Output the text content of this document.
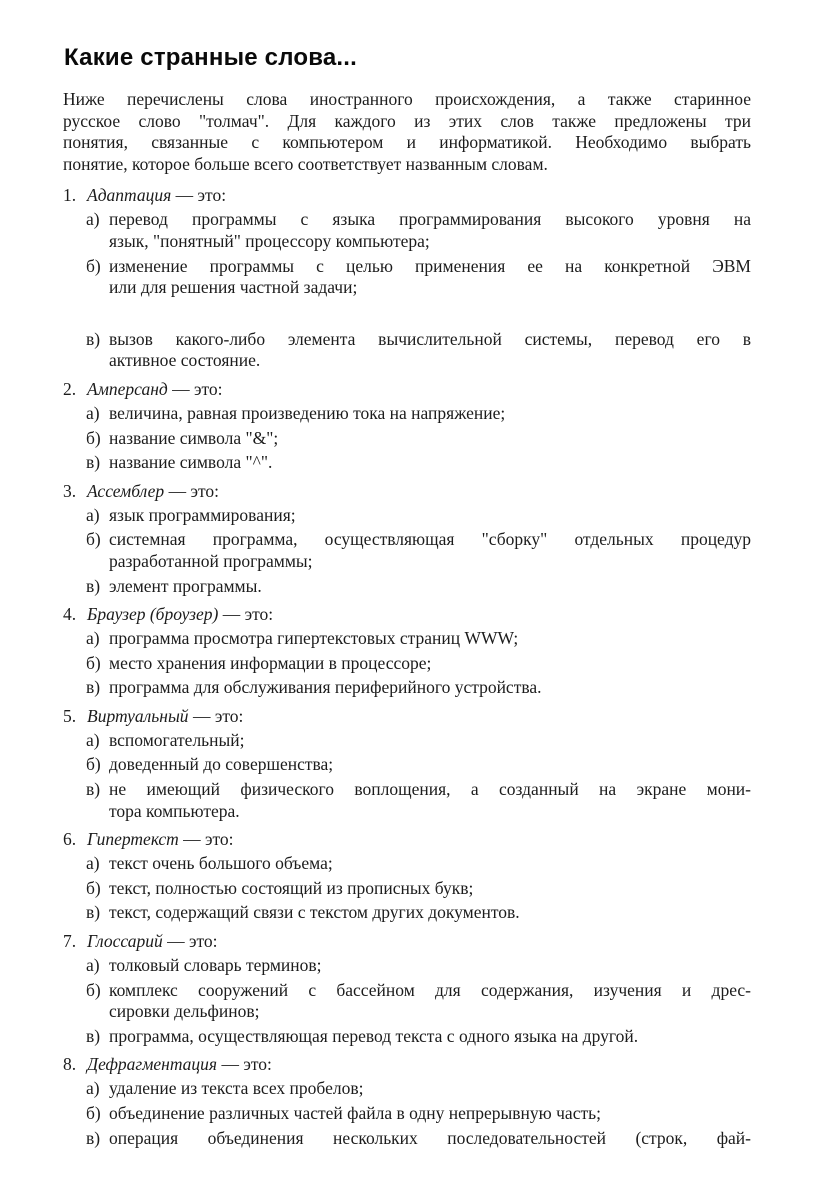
Какие странные слова...
Ниже перечислены слова иностранного происхождения, а также старинное
русское слово "толмач". Для каждого из этих слов также предложены три
понятия, связанные с компьютером и информатикой. Необходимо выбрать
понятие, которое больше всего соответствует названным словам.
1. Адаптация — это:
а) перевод программы с языка программирования высокого уровня на
язык, "понятный" процессору компьютера;
б) изменение программы с целью применения ее на конкретной ЭВМ
или для решения частной задачи;
в) вызов какого-либо элемента вычислительной системы, перевод его в
активное состояние.
2. Амперсанд — это:
а) величина, равная произведению тока на напряжение;
б) название символа "&";
в) название символа "^".
3. Ассемблер — это:
а) язык программирования;
б) системная программа, осуществляющая "сборку" отдельных процедур
разработанной программы;
в) элемент программы.
4. Браузер (броузер) — это:
а) программа просмотра гипертекстовых страниц WWW;
б) место хранения информации в процессоре;
в) программа для обслуживания периферийного устройства.
5. Виртуальный — это:
а) вспомогательный;
б) доведенный до совершенства;
в) не имеющий физического воплощения, а созданный на экране мони-
тора компьютера.
6. Гипертекст — это:
а) текст очень большого объема;
б) текст, полностью состоящий из прописных букв;
в) текст, содержащий связи с текстом других документов.
7. Глоссарий — это:
а) толковый словарь терминов;
б) комплекс сооружений с бассейном для содержания, изучения и дрес-
сировки дельфинов;
в) программа, осуществляющая перевод текста с одного языка на другой.
8. Дефрагментация — это:
а) удаление из текста всех пробелов;
б) объединение различных частей файла в одну непрерывную часть;
в) операция объединения нескольких последовательностей (строк, фай-
